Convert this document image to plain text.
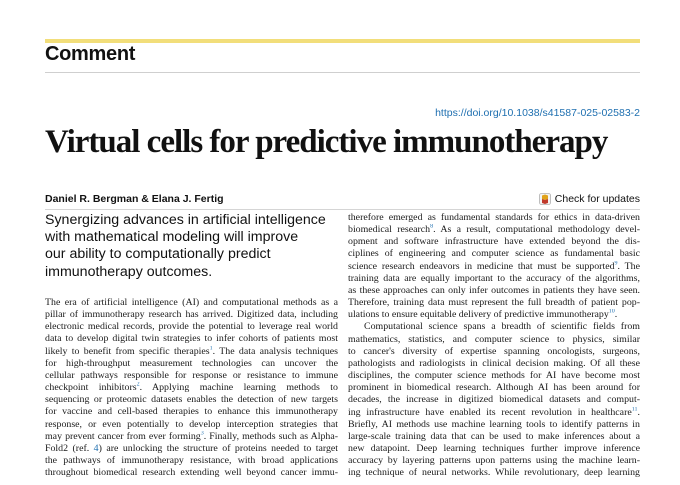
Comment
https://doi.org/10.1038/s41587-025-02583-2
Virtual cells for predictive immunotherapy
Daniel R. Bergman & Elana J. Fertig	Check for updates
Synergizing advances in artificial intelligence
with mathematical modeling will improve
our ability to computationally predict
immunotherapy outcomes.
The era of artificial intelligence (AI) and computational methods as a
pillar of immunotherapy research has arrived. Digitized data, including
electronic medical records, provide the potential to leverage real world
data to develop digital twin strategies to infer cohorts of patients most
likely to benefit from specific therapies$^1$. The data analysis techniques
for high-throughput measurement technologies can uncover the
cellular pathways responsible for response or resistance to immune
checkpoint inhibitors$^2$. Applying machine learning methods to
sequencing or proteomic datasets enables the detection of new targets
for vaccine and cell-based therapies to enhance this immunotherapy
response, or even potentially to develop interception strategies that
may prevent cancer from ever forming$^3$. Finally, methods such as Alpha-
Fold2 (ref. 4) are unlocking the structure of proteins needed to target
the pathways of immunotherapy resistance, with broad applications
throughout biomedical research extending well beyond cancer immu-
therefore emerged as fundamental standards for ethics in data-driven
biomedical research$^8$. As a result, computational methodology devel-
opment and software infrastructure have extended beyond the dis-
ciplines of engineering and computer science as fundamental basic
science research endeavors in medicine that must be supported$^9$. The
training data are equally important to the accuracy of the algorithms,
as these approaches can only infer outcomes in patients they have seen.
Therefore, training data must represent the full breadth of patient pop-
ulations to ensure equitable delivery of predictive immunotherapy$^{10}$.
Computational science spans a breadth of scientific fields from
mathematics, statistics, and computer science to physics, similar
to cancer's diversity of expertise spanning oncologists, surgeons,
pathologists and radiologists in clinical decision making. Of all these
disciplines, the computer science methods for AI have become most
prominent in biomedical research. Although AI has been around for
decades, the increase in digitized biomedical datasets and comput-
ing infrastructure have enabled its recent revolution in healthcare$^{11}$.
Briefly, AI methods use machine learning tools to identify patterns in
large-scale training data that can be used to make inferences about a
new datapoint. Deep learning techniques further improve inference
accuracy by layering patterns upon patterns using the machine learn-
ing technique of neural networks. While revolutionary, deep learning
